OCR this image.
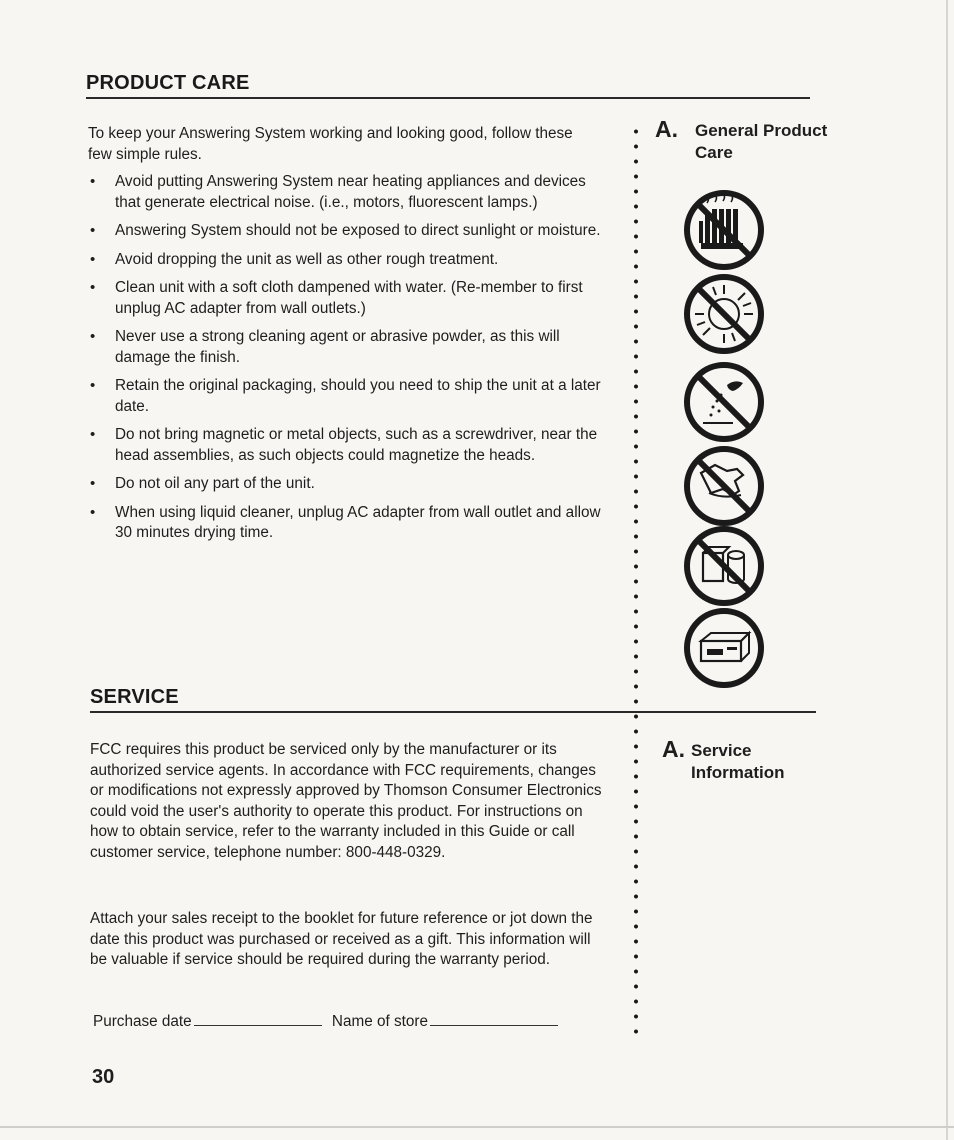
PRODUCT CARE

To keep your Answering System working and looking good, follow these few simple rules.

• Avoid putting Answering System near heating appliances and devices that generate electrical noise. (i.e., motors, fluorescent lamps.)
• Answering System should not be exposed to direct sunlight or moisture.
• Avoid dropping the unit as well as other rough treatment.
• Clean unit with a soft cloth dampened with water. (Re-member to first unplug AC adapter from wall outlets.)
• Never use a strong cleaning agent or abrasive powder, as this will damage the finish.
• Retain the original packaging, should you need to ship the unit at a later date.
• Do not bring magnetic or metal objects, such as a screwdriver, near the head assemblies, as such objects could magnetize the heads.
• Do not oil any part of the unit.
• When using liquid cleaner, unplug AC adapter from wall outlet and allow 30 minutes drying time.
A. General Product Care
SERVICE

FCC requires this product be serviced only by the manufacturer or its authorized service agents. In accordance with FCC requirements, changes or modifications not expressly approved by Thomson Consumer Electronics could void the user's authority to operate this product. For instructions on how to obtain service, refer to the warranty included in this Guide or call customer service, telephone number: 800-448-0329.

Attach your sales receipt to the booklet for future reference or jot down the date this product was purchased or received as a gift. This information will be valuable if service should be required during the warranty period.

Purchase date	Name of store
A. Service Information
30
